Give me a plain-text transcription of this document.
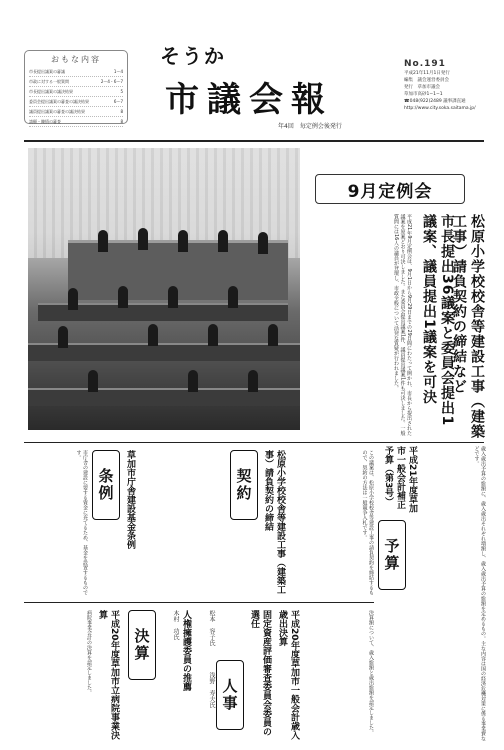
おもな内容
市長提出議案の審議	1〜4
市政に対する一般質問	2〜4・6〜7
市長提出議案の議決結果	5
委員会提出議案の審査の議決結果	6〜7
議員提出議案の審査の議決結果	8
請願・陳情の審査	8
そうか
市議会報
年4回　毎定例会後発行
No.191
平成21年11月1日発行
編集　議会運営委員会
発行　草加市議会
草加市高砂1−1−1
☎048(922)2489 議事課直通
http://www.city.soka.saitama.jp/
9月定例会
松原小学校校舎等建設工事（建築工事）請負契約の締結など
市長提出36議案と委員会提出1議案、議員提出1議案を可決
平成21年9月定例会は、9月1日から9月29日までの29日間にわたって開かれ、市長から提出された議案を原案どおり可決しました。また委員会提出議案1件、議員提出議案1件も可決しました。一般質問には16人の議員が登壇し、市政全般について活発な質疑が行われました。
予算
平成21年度草加市一般会計補正予算（第3号）	歳入歳出予算の総額に、歳入歳出それぞれ増額し、歳入歳出予算の総額を定めるもの。主な内容は国の経済危機対策に係る事業費などです。
契約	松原小学校校舎等建設工事（建築工事）請負契約の締結	この議案は、松原小学校校舎等建設工事の請負契約を締結するもので、契約の方法は一般競争入札です。
条例	草加市庁舎建設基金条例
市庁舎の建設に要する資金に充てるため、基金を設置するものです。
決算
平成20年度草加市立病院事業決算
病院事業会計の決算を認定しました。	人事	固定資産評価審査委員会委員の選任
人権擁護委員の推薦
木村　功氏	松本　容子氏
浅野　寿夫氏	平成20年度草加市一般会計歳入歳出決算	決算額について、歳入総額と歳出総額を認定しました。
